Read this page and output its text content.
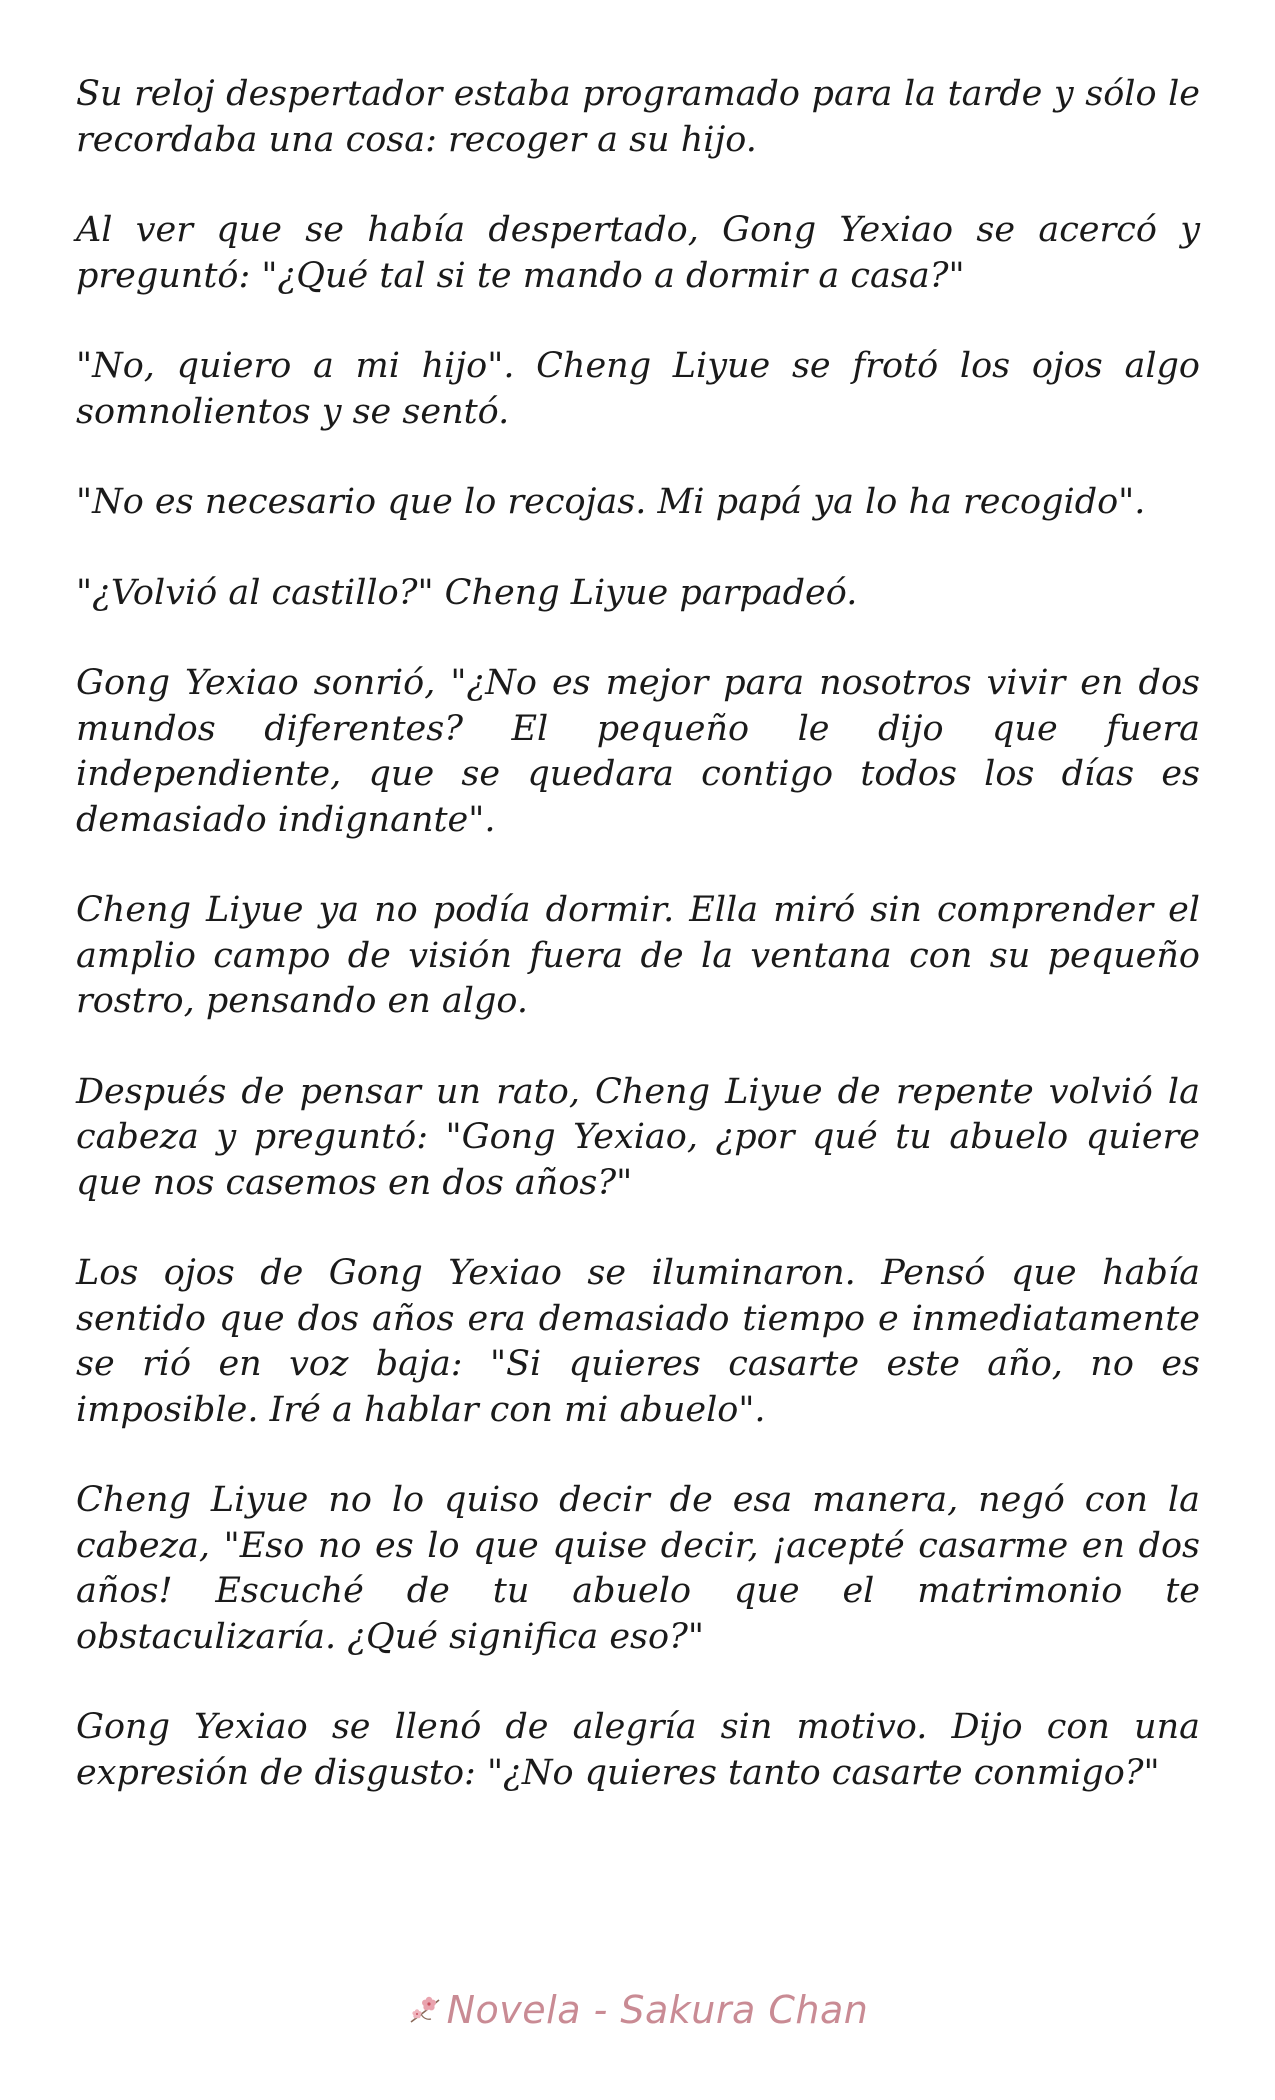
Su reloj despertador estaba programado para la tarde y sólo le recordaba una cosa: recoger a su hijo.

Al ver que se había despertado, Gong Yexiao se acercó y preguntó: "¿Qué tal si te mando a dormir a casa?"

"No, quiero a mi hijo". Cheng Liyue se frotó los ojos algo somnolientos y se sentó.

"No es necesario que lo recojas. Mi papá ya lo ha recogido".

"¿Volvió al castillo?" Cheng Liyue parpadeó.

Gong Yexiao sonrió, "¿No es mejor para nosotros vivir en dos mundos diferentes? El pequeño le dijo que fuera independiente, que se quedara contigo todos los días es demasiado indignante".

Cheng Liyue ya no podía dormir. Ella miró sin comprender el amplio campo de visión fuera de la ventana con su pequeño rostro, pensando en algo.

Después de pensar un rato, Cheng Liyue de repente volvió la cabeza y preguntó: "Gong Yexiao, ¿por qué tu abuelo quiere que nos casemos en dos años?"

Los ojos de Gong Yexiao se iluminaron. Pensó que había sentido que dos años era demasiado tiempo e inmediatamente se rió en voz baja: "Si quieres casarte este año, no es imposible. Iré a hablar con mi abuelo".

Cheng Liyue no lo quiso decir de esa manera, negó con la cabeza, "Eso no es lo que quise decir, ¡acepté casarme en dos años! Escuché de tu abuelo que el matrimonio te obstaculizaría. ¿Qué significa eso?"

Gong Yexiao se llenó de alegría sin motivo. Dijo con una expresión de disgusto: "¿No quieres tanto casarte conmigo?"

Novela - Sakura Chan
